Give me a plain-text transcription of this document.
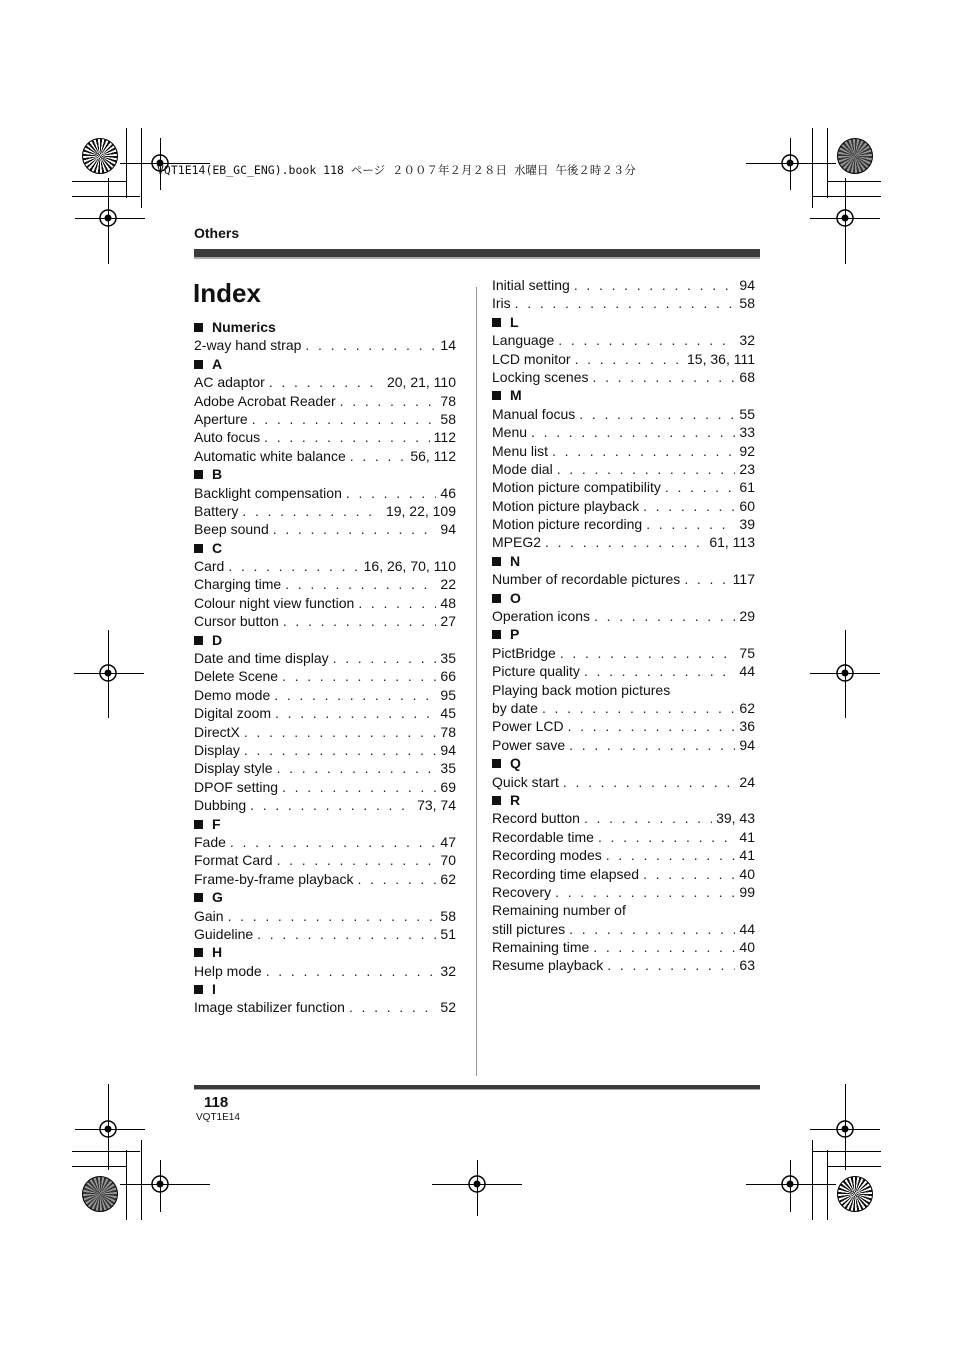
VQT1E14(EB_GC_ENG).book 118 ページ ２００７年２月２８日 水曜日 午後２時２３分
Others
Index
Numerics
2-way hand strap . . .	14
A
AC adaptor . . .	20, 21, 110
Adobe Acrobat Reader . . .	78
Aperture . . .	58
Auto focus . . .	112
Automatic white balance . . .	56, 112
B
Backlight compensation . . .	46
Battery . . .	19, 22, 109
Beep sound . . .	94
C
Card . . .	16, 26, 70, 110
Charging time . . .	22
Colour night view function . . .	48
Cursor button . . .	27
D
Date and time display . . .	35
Delete Scene . . .	66
Demo mode . . .	95
Digital zoom . . .	45
DirectX . . .	78
Display . . .	94
Display style . . .	35
DPOF setting . . .	69
Dubbing . . .	73, 74
F
Fade . . .	47
Format Card . . .	70
Frame-by-frame playback . . .	62
G
Gain . . .	58
Guideline . . .	51
H
Help mode . . .	32
I
Image stabilizer function . . .	52
Initial setting . . .	94
Iris . . .	58
L
Language . . .	32
LCD monitor . . .	15, 36, 111
Locking scenes . . .	68
M
Manual focus . . .	55
Menu . . .	33
Menu list . . .	92
Mode dial . . .	23
Motion picture compatibility . . .	61
Motion picture playback . . .	60
Motion picture recording . . .	39
MPEG2 . . .	61, 113
N
Number of recordable pictures . . .	117
O
Operation icons . . .	29
P
PictBridge . . .	75
Picture quality . . .	44
Playing back motion pictures
by date . . .	62
Power LCD . . .	36
Power save . . .	94
Q
Quick start . . .	24
R
Record button . . .	39, 43
Recordable time . . .	41
Recording modes . . .	41
Recording time elapsed . . .	40
Recovery . . .	99
Remaining number of
still pictures . . .	44
Remaining time . . .	40
Resume playback . . .	63
118
VQT1E14
